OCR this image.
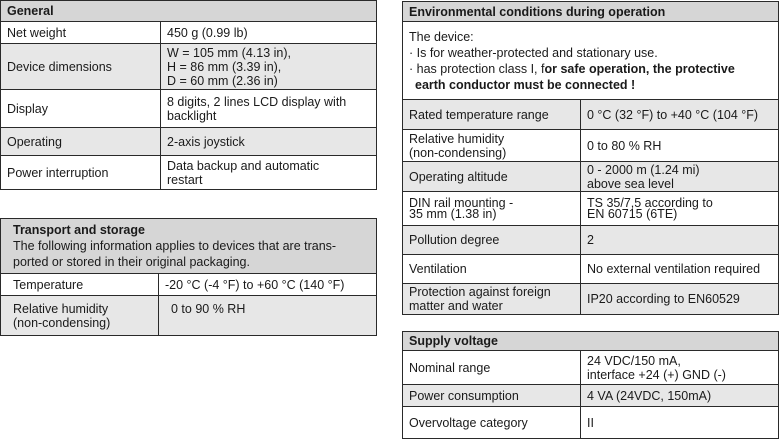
General	
Net weight	450 g (0.99 lb)
Device dimensions	W = 105 mm (4.13 in),
H = 86 mm (3.39 in),
D = 60 mm (2.36 in)

Display	8 digits, 2 lines LCD display with
backlight

Operating	2-axis joystick
Power interruption	Data backup and automatic
restart
Transport and storage
The following information applies to devices that are trans-
ported or stored in their original packaging.	

Temperature	-20 °C (-4 °F) to +60 °C (140 °F)

Relative humidity
(non-condensing)	0 to 90 % RH
Environmental conditions during operation	

The device:
· Is for weather-protected and stationary use.
· has protection class I, for safe operation, the protective
earth conductor must be connected !	

Rated temperature range	0 °C (32 °F) to +40 °C (104 °F)

Relative humidity
(non-condensing)	0 to 80 % RH
Operating altitude	0 - 2000 m (1.24 mi)
above sea level

DIN rail mounting -
35 mm (1.38 in)	TS 35/7,5 according to
EN 60715 (6TE)

Pollution degree	2
Ventilation	No external ventilation required

Protection against foreign
matter and water	IP20 according to EN60529
Supply voltage	
Nominal range	24 VDC/150 mA,
interface +24 (+) GND (-)

Power consumption	4 VA (24VDC, 150mA)
Overvoltage category	II
